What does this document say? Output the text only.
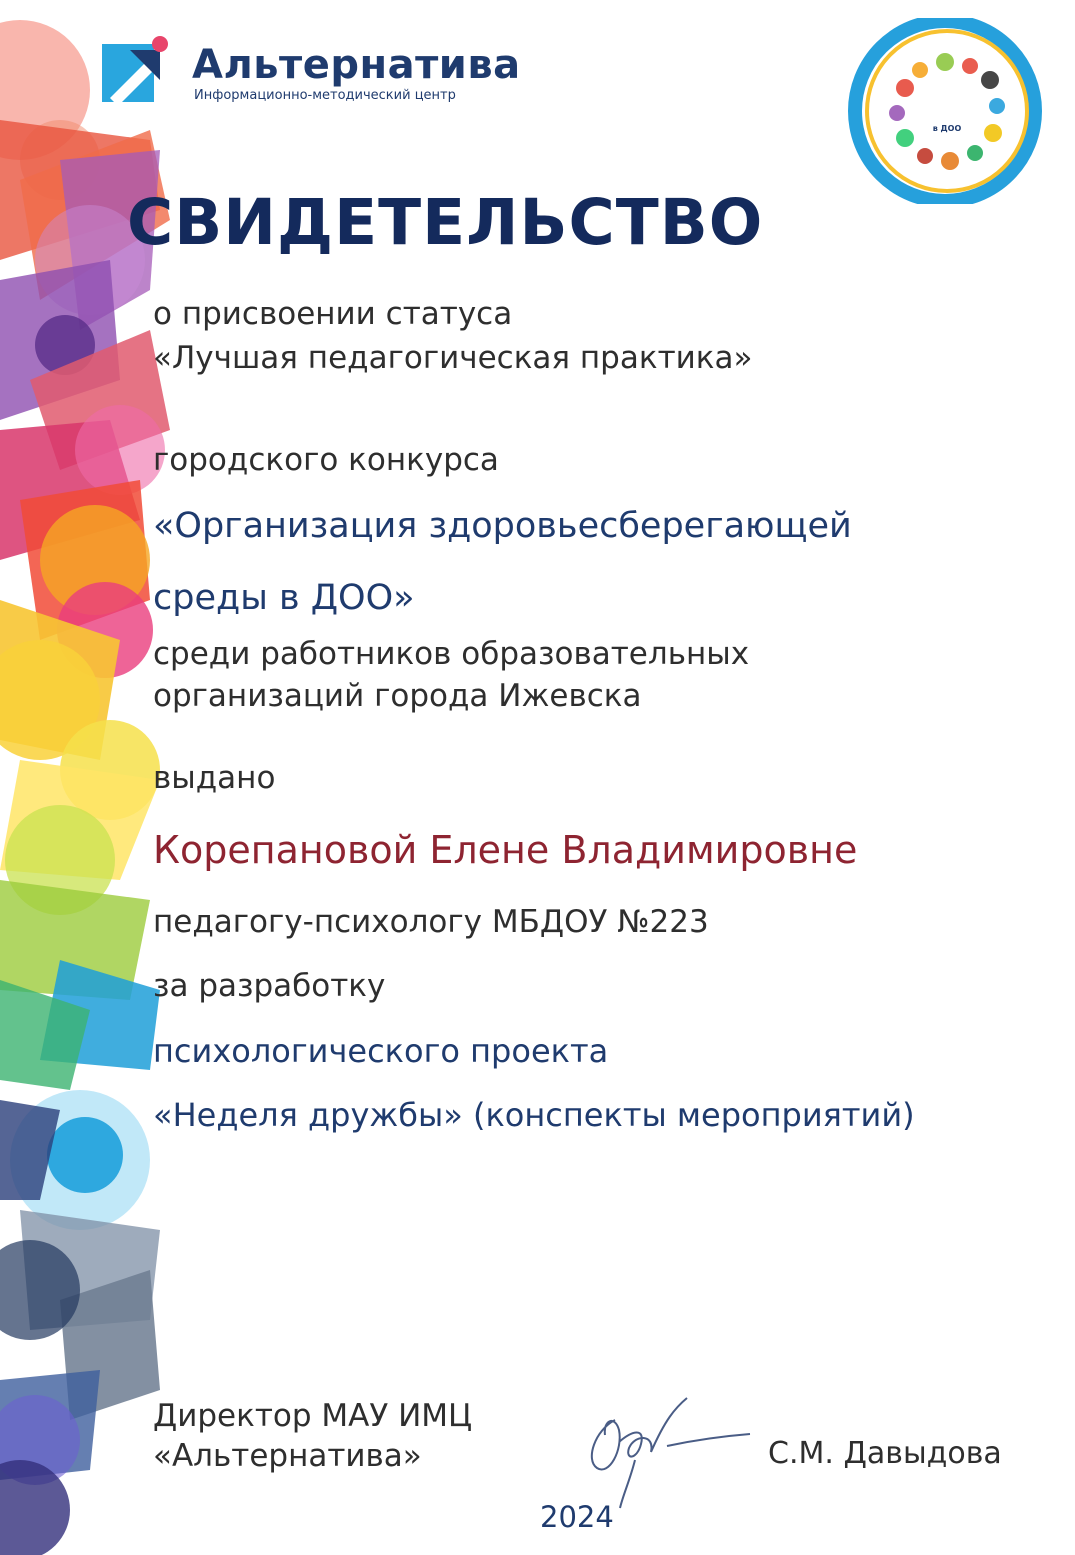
Альтернатива
Информационно-методический центр
в ДОО
СВИДЕТЕЛЬСТВО
о присвоении статуса
«Лучшая педагогическая практика»
городского конкурса
«Организация здоровьесберегающей
среды в ДОО»
среди работников образовательных
организаций города Ижевска
выдано
Корепановой Елене Владимировне
педагогу-психологу МБДОУ №223
за разработку
психологического проекта
«Неделя дружбы» (конспекты мероприятий)
Директор МАУ ИМЦ
«Альтернатива»	С.М. Давыдова
2024
